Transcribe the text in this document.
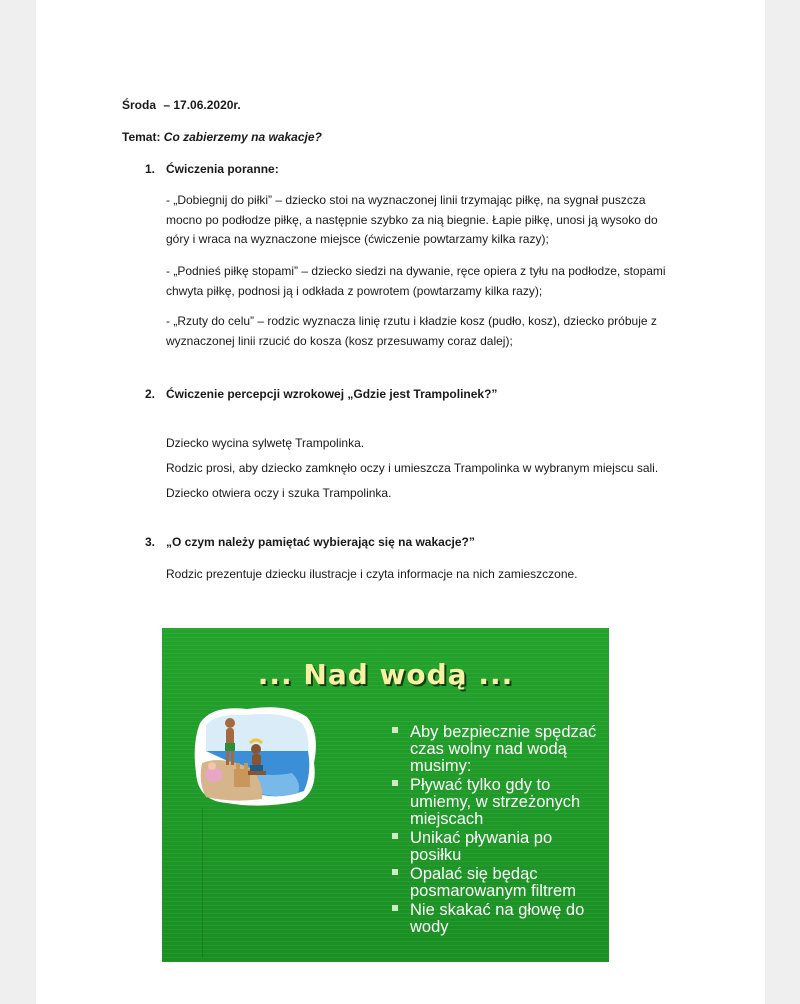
Środa – 17.06.2020r.
Temat: Co zabierzemy na wakacje?
1. Ćwiczenia poranne:
- „Dobiegnij do piłki” – dziecko stoi na wyznaczonej linii trzymając piłkę, na sygnał puszcza mocno po podłodze piłkę, a następnie szybko za nią biegnie. Łapie piłkę, unosi ją wysoko do góry i wraca na wyznaczone miejsce (ćwiczenie powtarzamy kilka razy);
- „Podnieś piłkę stopami” – dziecko siedzi na dywanie, ręce opiera z tyłu na podłodze, stopami chwyta piłkę, podnosi ją i odkłada z powrotem (powtarzamy kilka razy);
- „Rzuty do celu” – rodzic wyznacza linię rzutu i kładzie kosz (pudło, kosz), dziecko próbuje z wyznaczonej linii rzucić do kosza (kosz przesuwamy coraz dalej);
2. Ćwiczenie percepcji wzrokowej „Gdzie jest Trampolinek?”
Dziecko wycina sylwetę Trampolinka.
Rodzic prosi, aby dziecko zamknęło oczy i umieszcza Trampolinka w wybranym miejscu sali.
Dziecko otwiera oczy i szuka Trampolinka.
3. „O czym należy pamiętać wybierając się na wakacje?”
Rodzic prezentuje dziecku ilustracje i czyta informacje na nich zamieszczone.
... Nad wodą ...
Aby bezpiecznie spędzać czas wolny nad wodą musimy:
Pływać tylko gdy to umiemy, w strzeżonych miejscach
Unikać pływania po posiłku
Opalać się będąc posmarowanym filtrem
Nie skakać na głowę do wody
